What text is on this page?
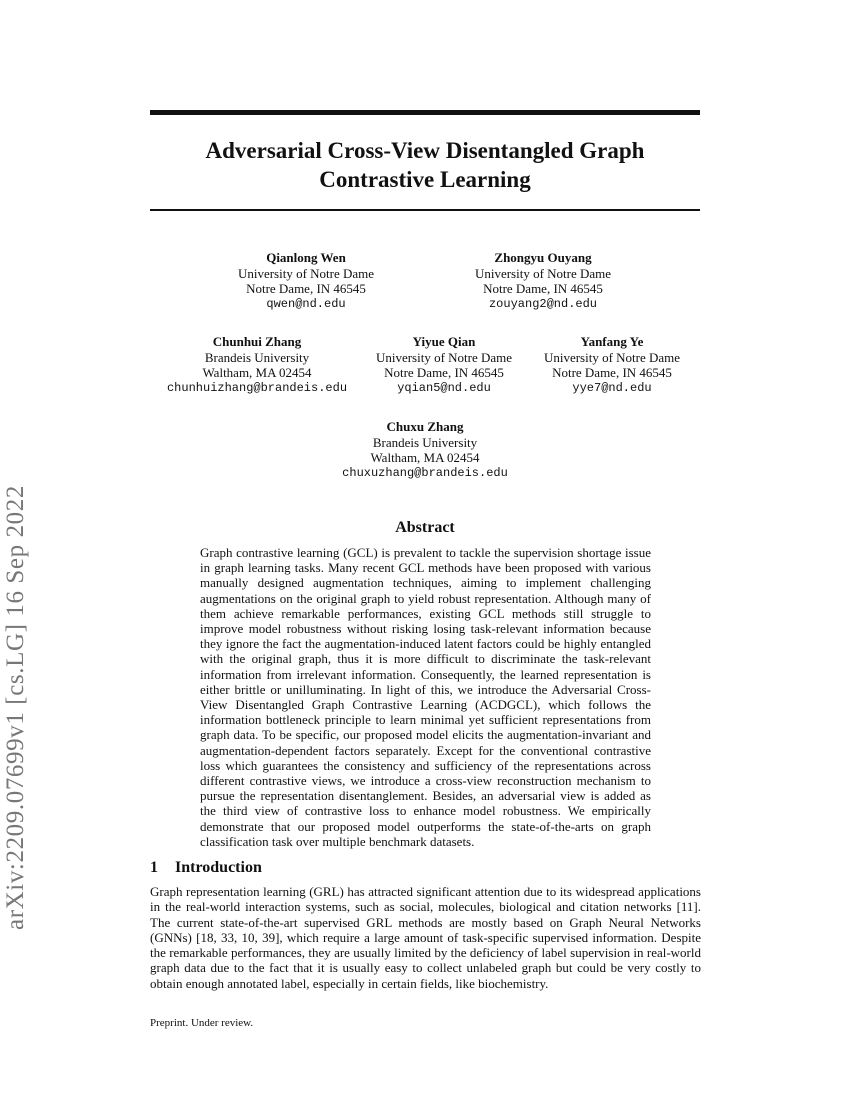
arXiv:2209.07699v1 [cs.LG] 16 Sep 2022
Adversarial Cross-View Disentangled Graph
Contrastive Learning
Qianlong Wen
University of Notre Dame
Notre Dame, IN 46545
qwen@nd.edu
Zhongyu Ouyang
University of Notre Dame
Notre Dame, IN 46545
zouyang2@nd.edu
Chunhui Zhang
Brandeis University
Waltham, MA 02454
chunhuizhang@brandeis.edu
Yiyue Qian
University of Notre Dame
Notre Dame, IN 46545
yqian5@nd.edu
Yanfang Ye
University of Notre Dame
Notre Dame, IN 46545
yye7@nd.edu
Chuxu Zhang
Brandeis University
Waltham, MA 02454
chuxuzhang@brandeis.edu
Abstract
Graph contrastive learning (GCL) is prevalent to tackle the supervision shortage issue in graph learning tasks. Many recent GCL methods have been proposed with various manually designed augmentation techniques, aiming to implement challenging augmentations on the original graph to yield robust representation. Although many of them achieve remarkable performances, existing GCL methods still struggle to improve model robustness without risking losing task-relevant information because they ignore the fact the augmentation-induced latent factors could be highly entangled with the original graph, thus it is more difficult to discriminate the task-relevant information from irrelevant information. Consequently, the learned representation is either brittle or unilluminating. In light of this, we introduce the Adversarial Cross-View Disentangled Graph Contrastive Learning (ACDGCL), which follows the information bottleneck principle to learn minimal yet sufficient representations from graph data. To be specific, our proposed model elicits the augmentation-invariant and augmentation-dependent factors separately. Except for the conventional contrastive loss which guarantees the consistency and sufficiency of the representations across different contrastive views, we introduce a cross-view reconstruction mechanism to pursue the representation disentanglement. Besides, an adversarial view is added as the third view of contrastive loss to enhance model robustness. We empirically demonstrate that our proposed model outperforms the state-of-the-arts on graph classification task over multiple benchmark datasets.
1 Introduction
Graph representation learning (GRL) has attracted significant attention due to its widespread applications in the real-world interaction systems, such as social, molecules, biological and citation networks [11]. The current state-of-the-art supervised GRL methods are mostly based on Graph Neural Networks (GNNs) [18, 33, 10, 39], which require a large amount of task-specific supervised information. Despite the remarkable performances, they are usually limited by the deficiency of label supervision in real-world graph data due to the fact that it is usually easy to collect unlabeled graph but could be very costly to obtain enough annotated label, especially in certain fields, like biochemistry.
Preprint. Under review.
